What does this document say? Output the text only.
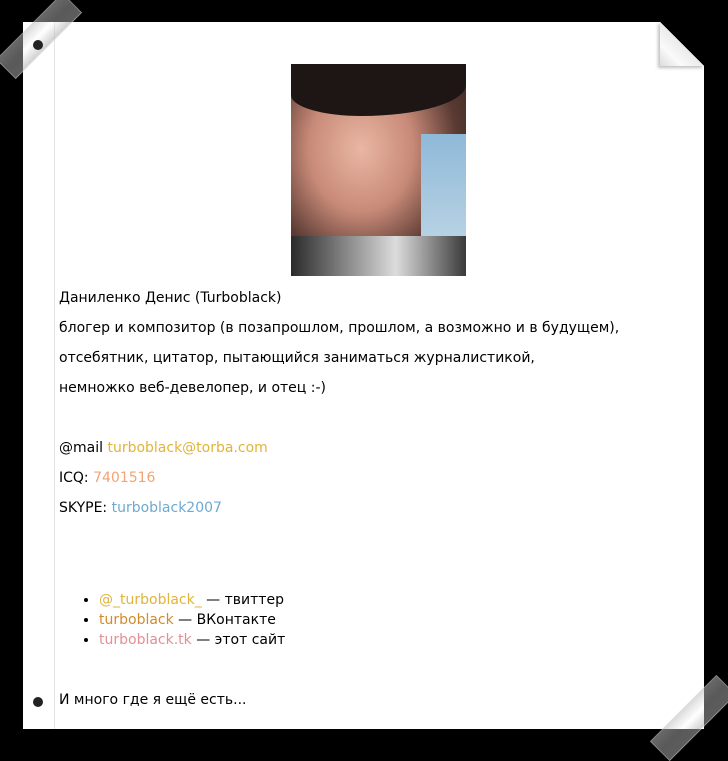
Даниленко Денис (Turboblack)

блогер и композитор (в позапрошлом, прошлом, а возможно и в будущем),

отсебятник, цитатор, пытающийся заниматься журналистикой,

немножко веб-девелопер, и отец :-)

@mail turboblack@torba.com

ICQ: 7401516

SKYPE: turboblack2007

• @_turboblack_ — твиттер
• turboblack — ВКонтакте
• turboblack.tk — этот сайт

И много где я ещё есть...
